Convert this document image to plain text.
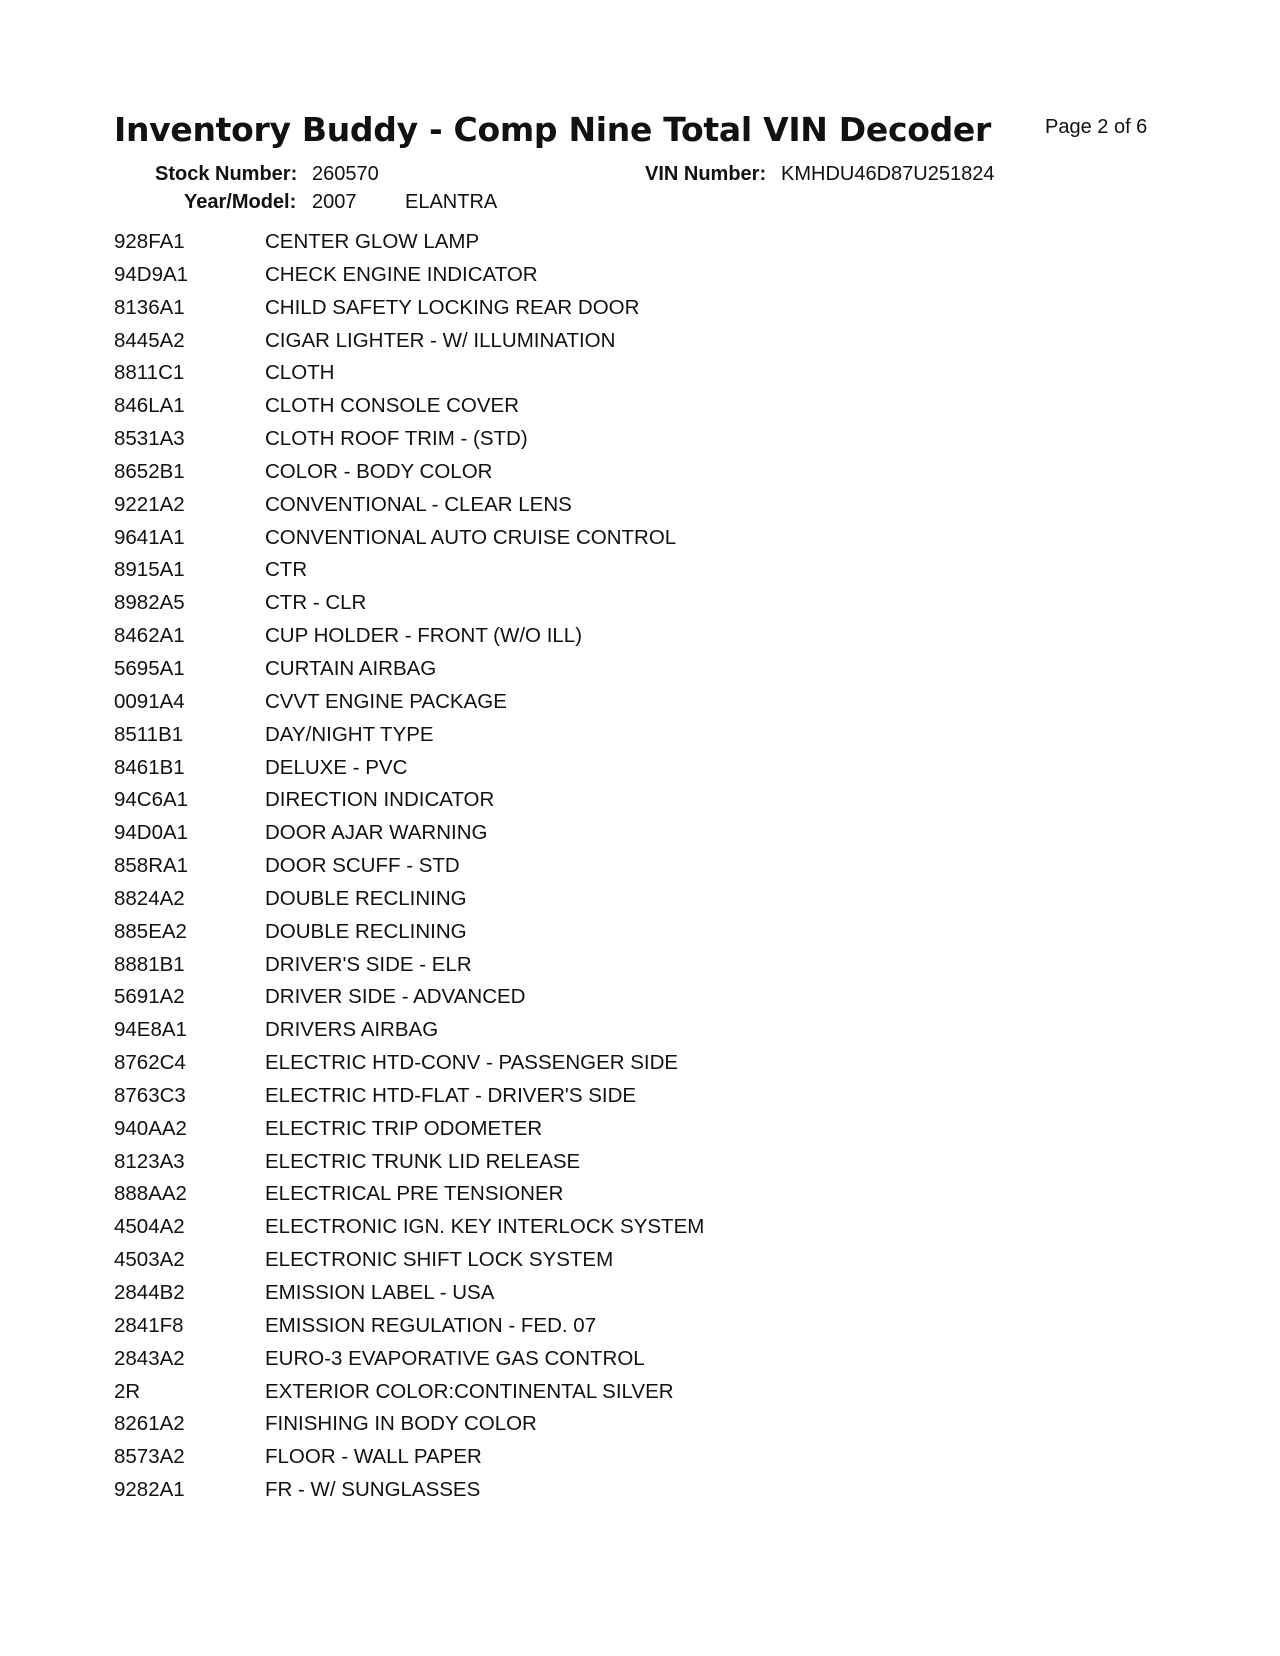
Inventory Buddy - Comp Nine Total VIN Decoder	Page 2 of 6
Stock Number: 260570	VIN Number: KMHDU46D87U251824
Year/Model: 2007 ELANTRA
928FA1	CENTER GLOW LAMP
94D9A1	CHECK ENGINE INDICATOR
8136A1	CHILD SAFETY LOCKING REAR DOOR
8445A2	CIGAR LIGHTER - W/ ILLUMINATION
8811C1	CLOTH
846LA1	CLOTH CONSOLE COVER
8531A3	CLOTH ROOF TRIM - (STD)
8652B1	COLOR - BODY COLOR
9221A2	CONVENTIONAL - CLEAR LENS
9641A1	CONVENTIONAL AUTO CRUISE CONTROL
8915A1	CTR
8982A5	CTR - CLR
8462A1	CUP HOLDER - FRONT (W/O ILL)
5695A1	CURTAIN AIRBAG
0091A4	CVVT ENGINE PACKAGE
8511B1	DAY/NIGHT TYPE
8461B1	DELUXE - PVC
94C6A1	DIRECTION INDICATOR
94D0A1	DOOR AJAR WARNING
858RA1	DOOR SCUFF - STD
8824A2	DOUBLE RECLINING
885EA2	DOUBLE RECLINING
8881B1	DRIVER'S SIDE - ELR
5691A2	DRIVER SIDE - ADVANCED
94E8A1	DRIVERS AIRBAG
8762C4	ELECTRIC HTD-CONV - PASSENGER SIDE
8763C3	ELECTRIC HTD-FLAT - DRIVER'S SIDE
940AA2	ELECTRIC TRIP ODOMETER
8123A3	ELECTRIC TRUNK LID RELEASE
888AA2	ELECTRICAL PRE TENSIONER
4504A2	ELECTRONIC IGN. KEY INTERLOCK SYSTEM
4503A2	ELECTRONIC SHIFT LOCK SYSTEM
2844B2	EMISSION LABEL - USA
2841F8	EMISSION REGULATION - FED. 07
2843A2	EURO-3 EVAPORATIVE GAS CONTROL
2R	EXTERIOR COLOR:CONTINENTAL SILVER
8261A2	FINISHING IN BODY COLOR
8573A2	FLOOR - WALL PAPER
9282A1	FR - W/ SUNGLASSES
